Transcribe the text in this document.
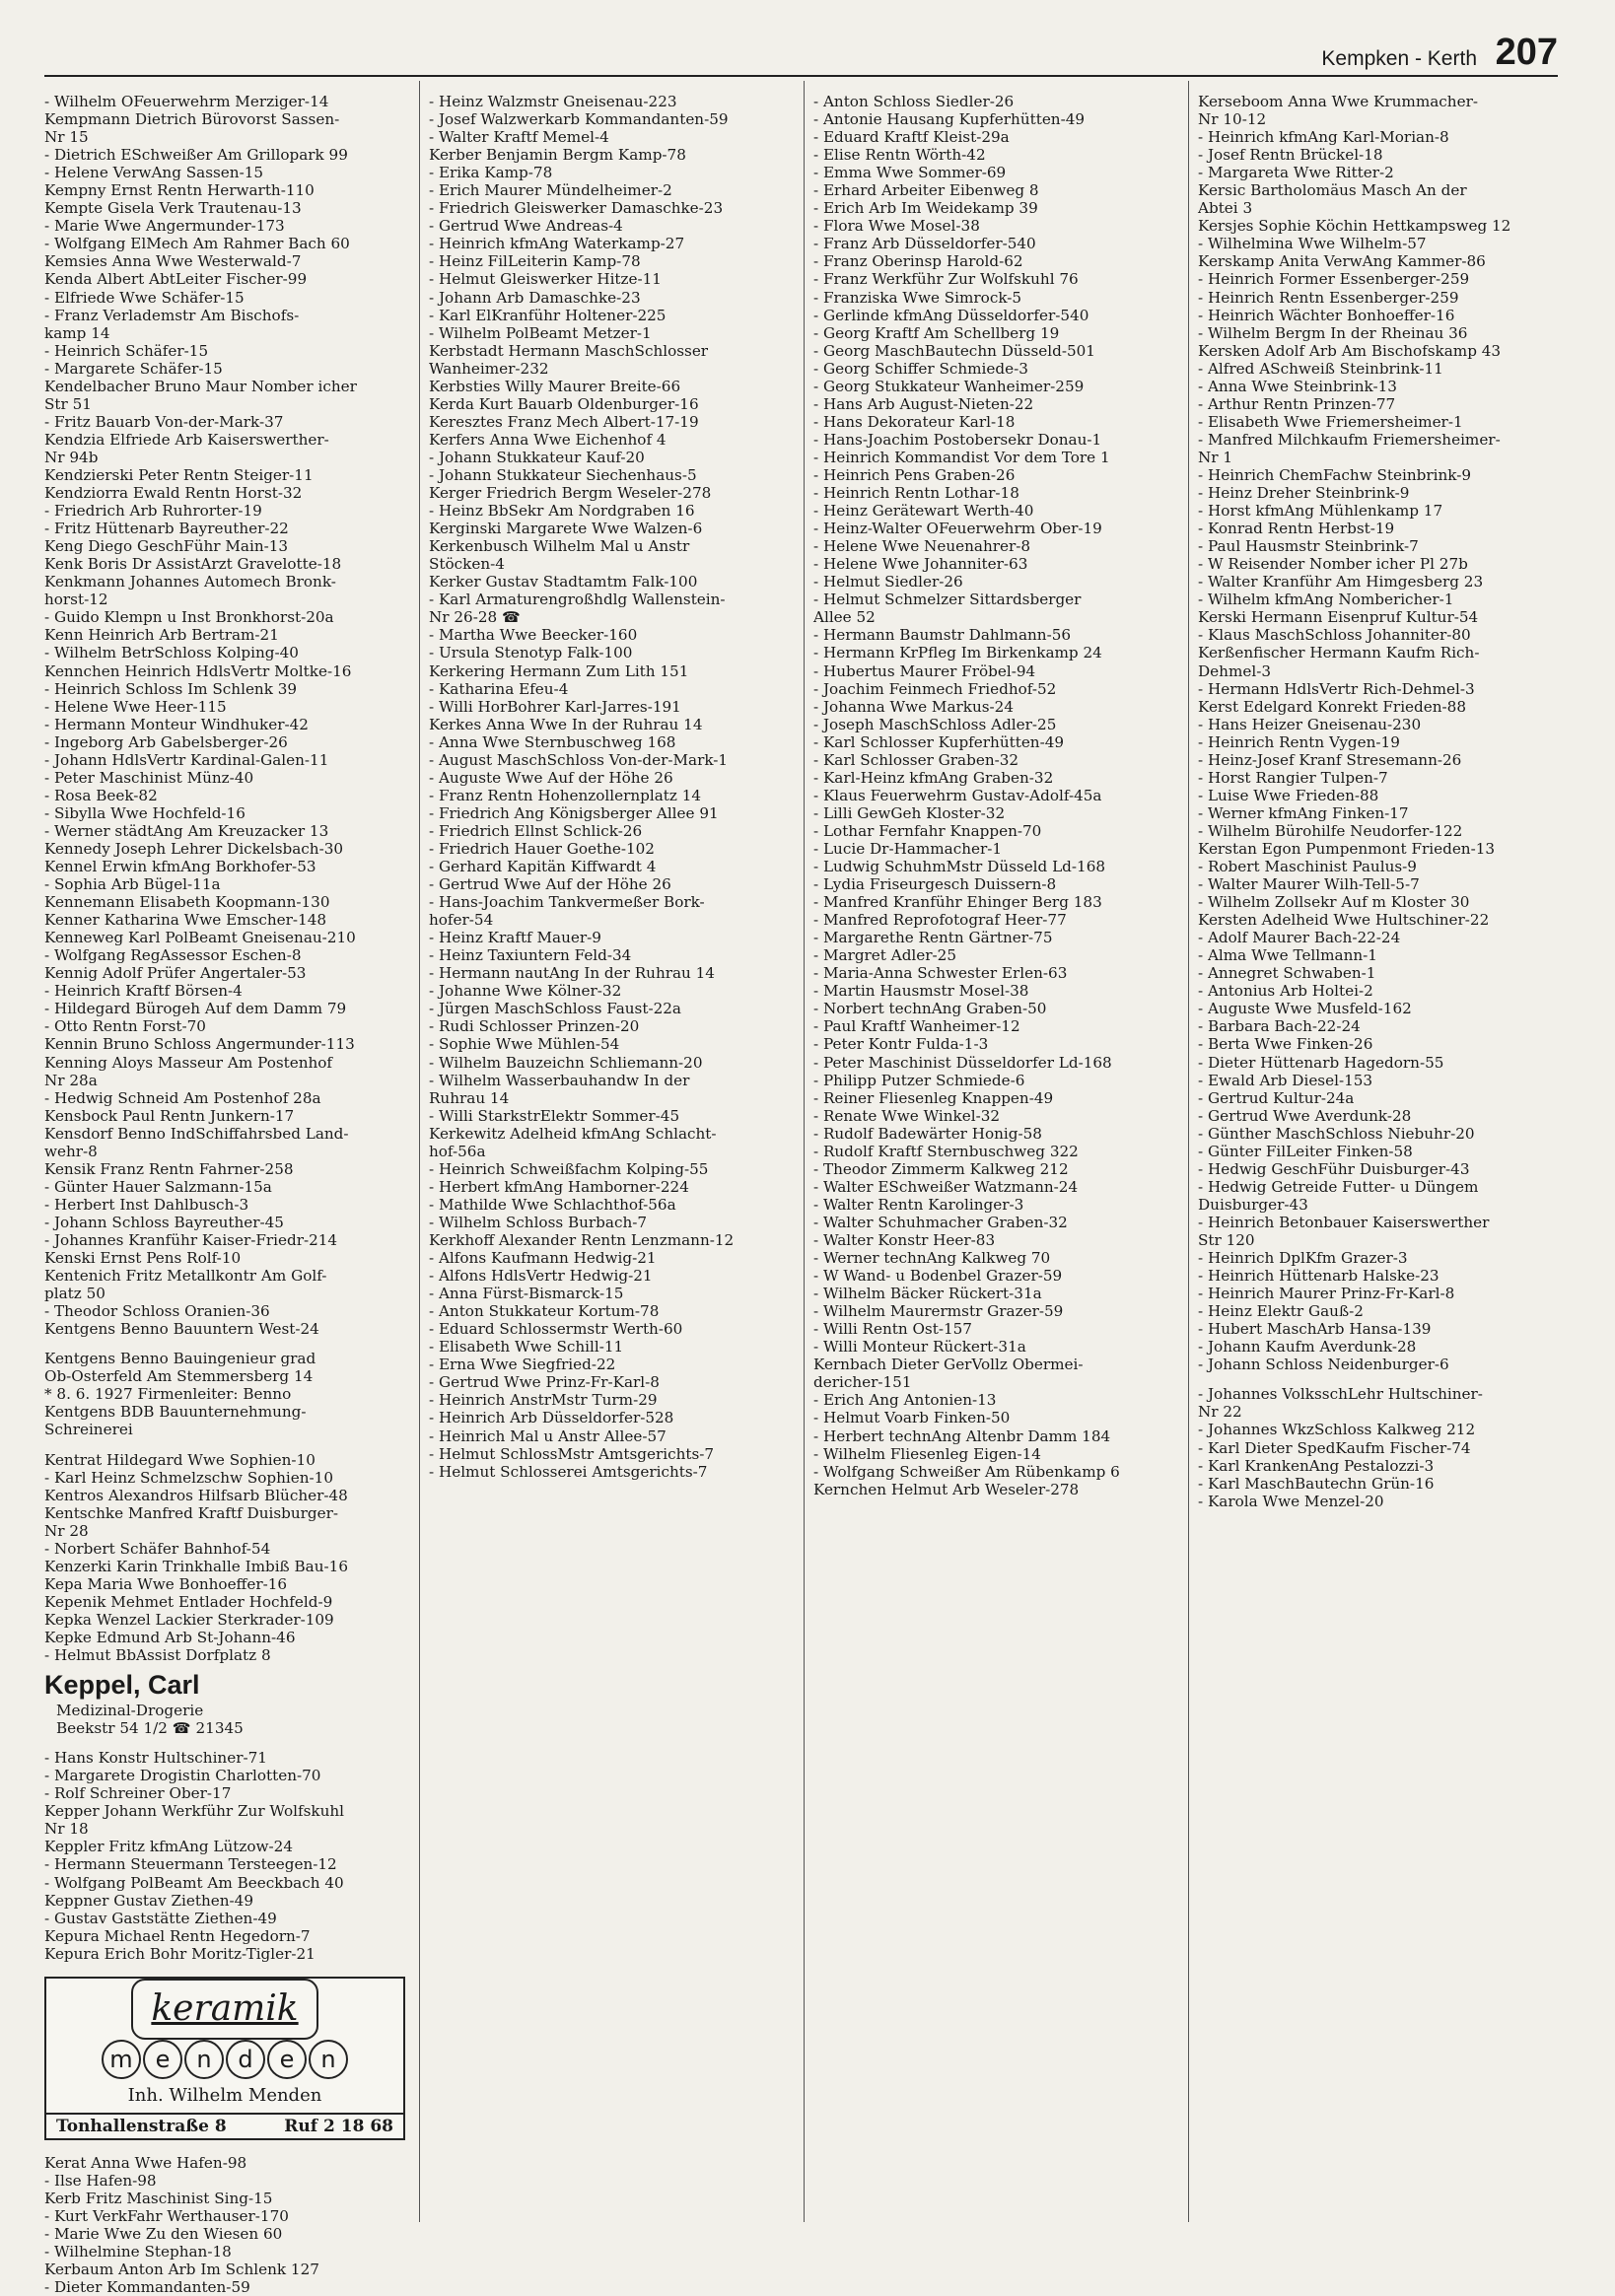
Kempken - Kerth 207
- Wilhelm OFeuerwehrm Merziger-14
Kempmann Dietrich Bürovorst Sassen-
Nr 15
- Dietrich ESchweißer Am Grillopark 99
- Helene VerwAng Sassen-15
Kempny Ernst Rentn Herwarth-110
Kempte Gisela Verk Trautenau-13
- Marie Wwe Angermunder-173
- Wolfgang ElMech Am Rahmer Bach 60
Kemsies Anna Wwe Westerwald-7
Kenda Albert AbtLeiter Fischer-99
- Elfriede Wwe Schäfer-15
- Franz Verlademstr Am Bischofs-
kamp 14
- Heinrich Schäfer-15
- Margarete Schäfer-15
Kendelbacher Bruno Maur Nomber icher
Str 51
- Fritz Bauarb Von-der-Mark-37
Kendzia Elfriede Arb Kaiserswerther-
Nr 94b
Kendzierski Peter Rentn Steiger-11
Kendziorra Ewald Rentn Horst-32
- Friedrich Arb Ruhrorter-19
- Fritz Hüttenarb Bayreuther-22
Keng Diego GeschFühr Main-13
Kenk Boris Dr AssistArzt Gravelotte-18
Kenkmann Johannes Automech Bronk-
horst-12
- Guido Klempn u Inst Bronkhorst-20a
Kenn Heinrich Arb Bertram-21
- Wilhelm BetrSchloss Kolping-40
Kennchen Heinrich HdlsVertr Moltke-16
- Heinrich Schloss Im Schlenk 39
- Helene Wwe Heer-115
- Hermann Monteur Windhuker-42
- Ingeborg Arb Gabelsberger-26
- Johann HdlsVertr Kardinal-Galen-11
- Peter Maschinist Münz-40
- Rosa Beek-82
- Sibylla Wwe Hochfeld-16
- Werner städtAng Am Kreuzacker 13
Kennedy Joseph Lehrer Dickelsbach-30
Kennel Erwin kfmAng Borkhofer-53
- Sophia Arb Bügel-11a
Kennemann Elisabeth Koopmann-130
Kenner Katharina Wwe Emscher-148
Kenneweg Karl PolBeamt Gneisenau-210
- Wolfgang RegAssessor Eschen-8
Kennig Adolf Prüfer Angertaler-53
- Heinrich Kraftf Börsen-4
- Hildegard Bürogeh Auf dem Damm 79
- Otto Rentn Forst-70
Kennin Bruno Schloss Angermunder-113
Kenning Aloys Masseur Am Postenhof
Nr 28a
- Hedwig Schneid Am Postenhof 28a
Kensbock Paul Rentn Junkern-17
Kensdorf Benno IndSchiffahrsbed Land-
wehr-8
Kensik Franz Rentn Fahrner-258
- Günter Hauer Salzmann-15a
- Herbert Inst Dahlbusch-3
- Johann Schloss Bayreuther-45
- Johannes Kranführ Kaiser-Friedr-214
Kenski Ernst Pens Rolf-10
Kentenich Fritz Metallkontr Am Golf-
platz 50
- Theodor Schloss Oranien-36
Kentgens Benno Bauuntern West-24
Kentgens Benno Bauingenieur grad
Ob-Osterfeld Am Stemmersberg 14
* 8. 6. 1927 Firmenleiter: Benno
Kentgens BDB Bauunternehmung-
Schreinerei
Kentrat Hildegard Wwe Sophien-10
- Karl Heinz Schmelzschw Sophien-10
Kentros Alexandros Hilfsarb Blücher-48
Kentschke Manfred Kraftf Duisburger-
Nr 28
- Norbert Schäfer Bahnhof-54
Kenzerki Karin Trinkhalle Imbiß Bau-16
Kepa Maria Wwe Bonhoeffer-16
Kepenik Mehmet Entlader Hochfeld-9
Kepka Wenzel Lackier Sterkrader-109
Kepke Edmund Arb St-Johann-46
- Helmut BbAssist Dorfplatz 8
Keppel, Carl
Medizinal-Drogerie
Beekstr 54 1/2 ☎ 21345
- Hans Konstr Hultschiner-71
- Margarete Drogistin Charlotten-70
- Rolf Schreiner Ober-17
Kepper Johann Werkführ Zur Wolfskuhl
Nr 18
Keppler Fritz kfmAng Lützow-24
- Hermann Steuermann Tersteegen-12
- Wolfgang PolBeamt Am Beeckbach 40
Keppner Gustav Ziethen-49
- Gustav Gaststätte Ziethen-49
Kepura Michael Rentn Hegedorn-7
Kepura Erich Bohr Moritz-Tigler-21
keramik
m e n d e n
Inh. Wilhelm Menden
Tonhallenstraße 8	Ruf 2 18 68
Kerat Anna Wwe Hafen-98
- Ilse Hafen-98
Kerb Fritz Maschinist Sing-15
- Kurt VerkFahr Werthauser-170
- Marie Wwe Zu den Wiesen 60
- Wilhelmine Stephan-18
Kerbaum Anton Arb Im Schlenk 127
- Dieter Kommandanten-59
- Heinz Walzmstr Gneisenau-223
- Josef Walzwerkarb Kommandanten-59
- Walter Kraftf Memel-4
Kerber Benjamin Bergm Kamp-78
- Erika Kamp-78
- Erich Maurer Mündelheimer-2
- Friedrich Gleiswerker Damaschke-23
- Gertrud Wwe Andreas-4
- Heinrich kfmAng Waterkamp-27
- Heinz FilLeiterin Kamp-78
- Helmut Gleiswerker Hitze-11
- Johann Arb Damaschke-23
- Karl ElKranführ Holtener-225
- Wilhelm PolBeamt Metzer-1
Kerbstadt Hermann MaschSchlosser
Wanheimer-232
Kerbsties Willy Maurer Breite-66
Kerda Kurt Bauarb Oldenburger-16
Keresztes Franz Mech Albert-17-19
Kerfers Anna Wwe Eichenhof 4
- Johann Stukkateur Kauf-20
- Johann Stukkateur Siechenhaus-5
Kerger Friedrich Bergm Weseler-278
- Heinz BbSekr Am Nordgraben 16
Kerginski Margarete Wwe Walzen-6
Kerkenbusch Wilhelm Mal u Anstr
Stöcken-4
Kerker Gustav Stadtamtm Falk-100
- Karl Armaturengroßhdlg Wallenstein-
Nr 26-28 ☎
- Martha Wwe Beecker-160
- Ursula Stenotyp Falk-100
Kerkering Hermann Zum Lith 151
- Katharina Efeu-4
- Willi HorBohrer Karl-Jarres-191
Kerkes Anna Wwe In der Ruhrau 14
- Anna Wwe Sternbuschweg 168
- August MaschSchloss Von-der-Mark-1
- Auguste Wwe Auf der Höhe 26
- Franz Rentn Hohenzollernplatz 14
- Friedrich Ang Königsberger Allee 91
- Friedrich Ellnst Schlick-26
- Friedrich Hauer Goethe-102
- Gerhard Kapitän Kiffwardt 4
- Gertrud Wwe Auf der Höhe 26
- Hans-Joachim Tankvermeßer Bork-
hofer-54
- Heinz Kraftf Mauer-9
- Heinz Taxiuntern Feld-34
- Hermann nautAng In der Ruhrau 14
- Johanne Wwe Kölner-32
- Jürgen MaschSchloss Faust-22a
- Rudi Schlosser Prinzen-20
- Sophie Wwe Mühlen-54
- Wilhelm Bauzeichn Schliemann-20
- Wilhelm Wasserbauhandw In der
Ruhrau 14
- Willi StarkstrElektr Sommer-45
Kerkewitz Adelheid kfmAng Schlacht-
hof-56a
- Heinrich Schweißfachm Kolping-55
- Herbert kfmAng Hamborner-224
- Mathilde Wwe Schlachthof-56a
- Wilhelm Schloss Burbach-7
Kerkhoff Alexander Rentn Lenzmann-12
- Alfons Kaufmann Hedwig-21
- Alfons HdlsVertr Hedwig-21
- Anna Fürst-Bismarck-15
- Anton Stukkateur Kortum-78
- Eduard Schlossermstr Werth-60
- Elisabeth Wwe Schill-11
- Erna Wwe Siegfried-22
- Gertrud Wwe Prinz-Fr-Karl-8
- Heinrich AnstrMstr Turm-29
- Heinrich Arb Düsseldorfer-528
- Heinrich Mal u Anstr Allee-57
- Helmut SchlossMstr Amtsgerichts-7
- Helmut Schlosserei Amtsgerichts-7
- Anton Schloss Siedler-26
- Antonie Hausang Kupferhütten-49
- Eduard Kraftf Kleist-29a
- Elise Rentn Wörth-42
- Emma Wwe Sommer-69
- Erhard Arbeiter Eibenweg 8
- Erich Arb Im Weidekamp 39
- Flora Wwe Mosel-38
- Franz Arb Düsseldorfer-540
- Franz Oberinsp Harold-62
- Franz Werkführ Zur Wolfskuhl 76
- Franziska Wwe Simrock-5
- Gerlinde kfmAng Düsseldorfer-540
- Georg Kraftf Am Schellberg 19
- Georg MaschBautechn Düsseld-501
- Georg Schiffer Schmiede-3
- Georg Stukkateur Wanheimer-259
- Hans Arb August-Nieten-22
- Hans Dekorateur Karl-18
- Hans-Joachim Postobersekr Donau-1
- Heinrich Kommandist Vor dem Tore 1
- Heinrich Pens Graben-26
- Heinrich Rentn Lothar-18
- Heinz Gerätewart Werth-40
- Heinz-Walter OFeuerwehrm Ober-19
- Helene Wwe Neuenahrer-8
- Helene Wwe Johanniter-63
- Helmut Siedler-26
- Helmut Schmelzer Sittardsberger
Allee 52
- Hermann Baumstr Dahlmann-56
- Hermann KrPfleg Im Birkenkamp 24
- Hubertus Maurer Fröbel-94
- Joachim Feinmech Friedhof-52
- Johanna Wwe Markus-24
- Joseph MaschSchloss Adler-25
- Karl Schlosser Kupferhütten-49
- Karl Schlosser Graben-32
- Karl-Heinz kfmAng Graben-32
- Klaus Feuerwehrm Gustav-Adolf-45a
- Lilli GewGeh Kloster-32
- Lothar Fernfahr Knappen-70
- Lucie Dr-Hammacher-1
- Ludwig SchuhmMstr Düsseld Ld-168
- Lydia Friseurgesch Duissern-8
- Manfred Kranführ Ehinger Berg 183
- Manfred Reprofotograf Heer-77
- Margarethe Rentn Gärtner-75
- Margret Adler-25
- Maria-Anna Schwester Erlen-63
- Martin Hausmstr Mosel-38
- Norbert technAng Graben-50
- Paul Kraftf Wanheimer-12
- Peter Kontr Fulda-1-3
- Peter Maschinist Düsseldorfer Ld-168
- Philipp Putzer Schmiede-6
- Reiner Fliesenleg Knappen-49
- Renate Wwe Winkel-32
- Rudolf Badewärter Honig-58
- Rudolf Kraftf Sternbuschweg 322
- Theodor Zimmerm Kalkweg 212
- Walter ESchweißer Watzmann-24
- Walter Rentn Karolinger-3
- Walter Schuhmacher Graben-32
- Walter Konstr Heer-83
- Werner technAng Kalkweg 70
- W Wand- u Bodenbel Grazer-59
- Wilhelm Bäcker Rückert-31a
- Wilhelm Maurermstr Grazer-59
- Willi Rentn Ost-157
- Willi Monteur Rückert-31a
Kernbach Dieter GerVollz Obermei-
dericher-151
- Erich Ang Antonien-13
- Helmut Voarb Finken-50
- Herbert technAng Altenbr Damm 184
- Wilhelm Fliesenleg Eigen-14
- Wolfgang Schweißer Am Rübenkamp 6
Kernchen Helmut Arb Weseler-278
Kerseboom Anna Wwe Krummacher-
Nr 10-12
- Heinrich kfmAng Karl-Morian-8
- Josef Rentn Brückel-18
- Margareta Wwe Ritter-2
Kersic Bartholomäus Masch An der
Abtei 3
Kersjes Sophie Köchin Hettkampsweg 12
- Wilhelmina Wwe Wilhelm-57
Kerskamp Anita VerwAng Kammer-86
- Heinrich Former Essenberger-259
- Heinrich Rentn Essenberger-259
- Heinrich Wächter Bonhoeffer-16
- Wilhelm Bergm In der Rheinau 36
Kersken Adolf Arb Am Bischofskamp 43
- Alfred ASchweiß Steinbrink-11
- Anna Wwe Steinbrink-13
- Arthur Rentn Prinzen-77
- Elisabeth Wwe Friemersheimer-1
- Manfred Milchkaufm Friemersheimer-
Nr 1
- Heinrich ChemFachw Steinbrink-9
- Heinz Dreher Steinbrink-9
- Horst kfmAng Mühlenkamp 17
- Konrad Rentn Herbst-19
- Paul Hausmstr Steinbrink-7
- W Reisender Nomber icher Pl 27b
- Walter Kranführ Am Himgesberg 23
- Wilhelm kfmAng Nombericher-1
Kerski Hermann Eisenpruf Kultur-54
- Klaus MaschSchloss Johanniter-80
Kerßenfischer Hermann Kaufm Rich-
Dehmel-3
- Hermann HdlsVertr Rich-Dehmel-3
Kerst Edelgard Konrekt Frieden-88
- Hans Heizer Gneisenau-230
- Heinrich Rentn Vygen-19
- Heinz-Josef Kranf Stresemann-26
- Horst Rangier Tulpen-7
- Luise Wwe Frieden-88
- Werner kfmAng Finken-17
- Wilhelm Bürohilfe Neudorfer-122
Kerstan Egon Pumpenmont Frieden-13
- Robert Maschinist Paulus-9
- Walter Maurer Wilh-Tell-5-7
- Wilhelm Zollsekr Auf m Kloster 30
Kersten Adelheid Wwe Hultschiner-22
- Adolf Maurer Bach-22-24
- Alma Wwe Tellmann-1
- Annegret Schwaben-1
- Antonius Arb Holtei-2
- Auguste Wwe Musfeld-162
- Barbara Bach-22-24
- Berta Wwe Finken-26
- Dieter Hüttenarb Hagedorn-55
- Ewald Arb Diesel-153
- Gertrud Kultur-24a
- Gertrud Wwe Averdunk-28
- Günther MaschSchloss Niebuhr-20
- Günter FilLeiter Finken-58
- Hedwig GeschFühr Duisburger-43
- Hedwig Getreide Futter- u Düngem
Duisburger-43
- Heinrich Betonbauer Kaiserswerther
Str 120
- Heinrich DplKfm Grazer-3
- Heinrich Hüttenarb Halske-23
- Heinrich Maurer Prinz-Fr-Karl-8
- Heinz Elektr Gauß-2
- Hubert MaschArb Hansa-139
- Johann Kaufm Averdunk-28
- Johann Schloss Neidenburger-6
- Johannes VolksschLehr Hultschiner-
Nr 22
- Johannes WkzSchloss Kalkweg 212
- Karl Dieter SpedKaufm Fischer-74
- Karl KrankenAng Pestalozzi-3
- Karl MaschBautechn Grün-16
- Karola Wwe Menzel-20
